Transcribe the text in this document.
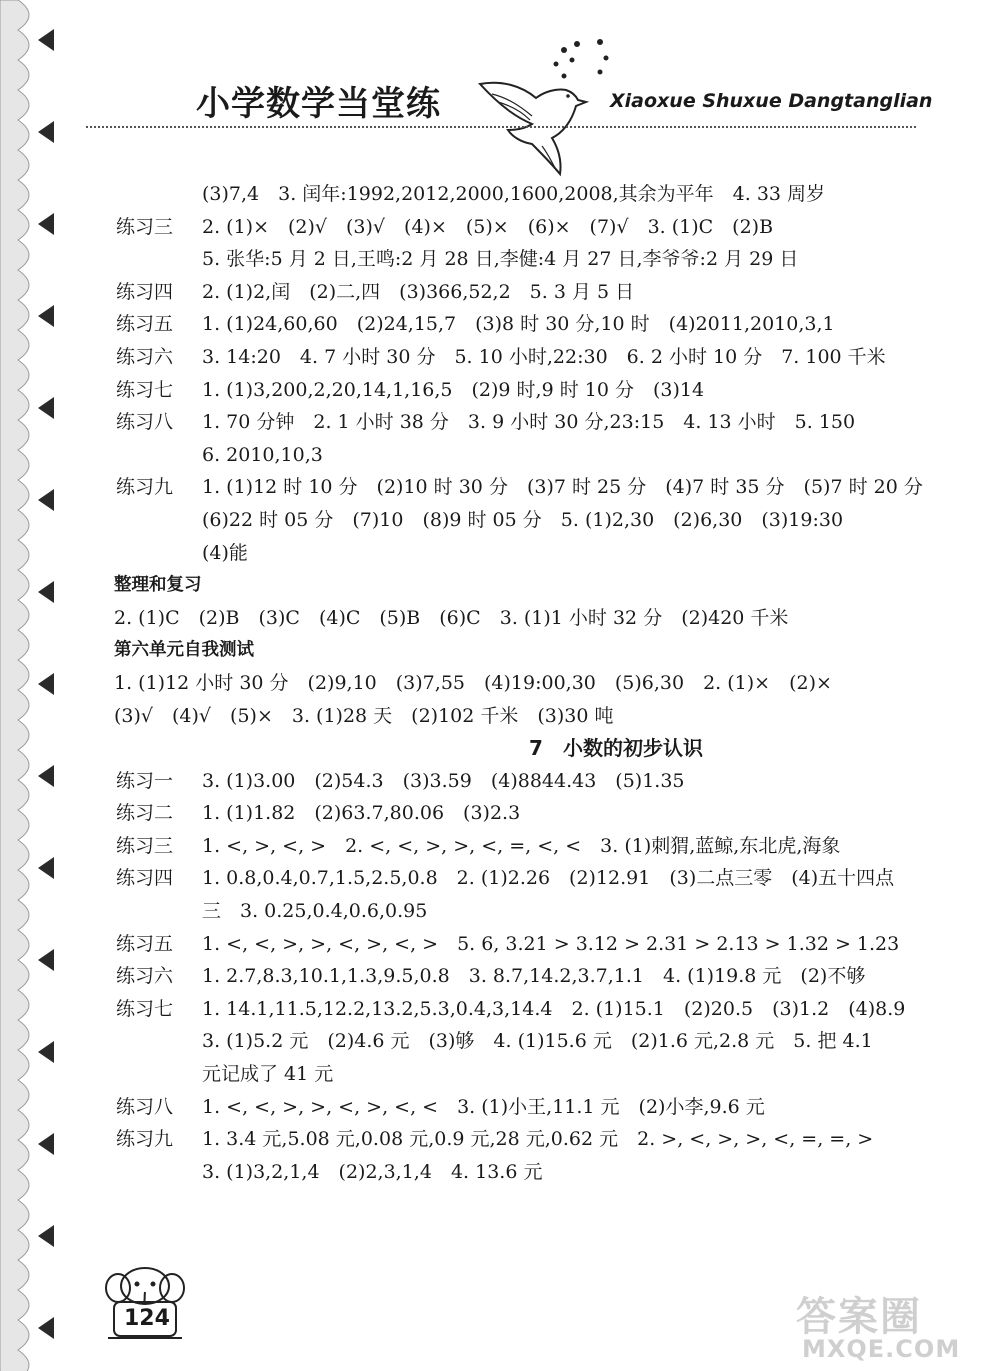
小学数学当堂练	Xiaoxue Shuxue Dangtanglian
(3)7,4　3. 闰年:1992,2012,2000,1600,2008,其余为平年　4. 33 周岁
练习三	2. (1)×　(2)√　(3)√　(4)×　(5)×　(6)×　(7)√　3. (1)C　(2)B
5. 张华:5 月 2 日,王鸣:2 月 28 日,李健:4 月 27 日,李爷爷:2 月 29 日
练习四	2. (1)2,闰　(2)二,四　(3)366,52,2　5. 3 月 5 日
练习五	1. (1)24,60,60　(2)24,15,7　(3)8 时 30 分,10 时　(4)2011,2010,3,1
练习六	3. 14:20　4. 7 小时 30 分　5. 10 小时,22:30　6. 2 小时 10 分　7. 100 千米
练习七	1. (1)3,200,2,20,14,1,16,5　(2)9 时,9 时 10 分　(3)14
练习八	1. 70 分钟　2. 1 小时 38 分　3. 9 小时 30 分,23:15　4. 13 小时　5. 150
6. 2010,10,3
练习九	1. (1)12 时 10 分　(2)10 时 30 分　(3)7 时 25 分　(4)7 时 35 分　(5)7 时 20 分
(6)22 时 05 分　(7)10　(8)9 时 05 分　5. (1)2,30　(2)6,30　(3)19:30
(4)能
整理和复习
2. (1)C　(2)B　(3)C　(4)C　(5)B　(6)C　3. (1)1 小时 32 分　(2)420 千米
第六单元自我测试
1. (1)12 小时 30 分　(2)9,10　(3)7,55　(4)19:00,30　(5)6,30　2. (1)×　(2)×
(3)√　(4)√　(5)×　3. (1)28 天　(2)102 千米　(3)30 吨
7　小数的初步认识
练习一	3. (1)3.00　(2)54.3　(3)3.59　(4)8844.43　(5)1.35
练习二	1. (1)1.82　(2)63.7,80.06　(3)2.3
练习三	1. <, >, <, >　2. <, <, >, >, <, =, <, <　3. (1)刺猬,蓝鲸,东北虎,海象
练习四	1. 0.8,0.4,0.7,1.5,2.5,0.8　2. (1)2.26　(2)12.91　(3)二点三零　(4)五十四点
三　3. 0.25,0.4,0.6,0.95
练习五	1. <, <, >, >, <, >, <, >　5. 6, 3.21 > 3.12 > 2.31 > 2.13 > 1.32 > 1.23
练习六	1. 2.7,8.3,10.1,1.3,9.5,0.8　3. 8.7,14.2,3.7,1.1　4. (1)19.8 元　(2)不够
练习七	1. 14.1,11.5,12.2,13.2,5.3,0.4,3,14.4　2. (1)15.1　(2)20.5　(3)1.2　(4)8.9
3. (1)5.2 元　(2)4.6 元　(3)够　4. (1)15.6 元　(2)1.6 元,2.8 元　5. 把 4.1
元记成了 41 元
练习八	1. <, <, >, >, <, >, <, <　3. (1)小王,11.1 元　(2)小李,9.6 元
练习九	1. 3.4 元,5.08 元,0.08 元,0.9 元,28 元,0.62 元　2. >, <, >, >, <, =, =, >
3. (1)3,2,1,4　(2)2,3,1,4　4. 13.6 元
124	答案圈
MXQE.COM
